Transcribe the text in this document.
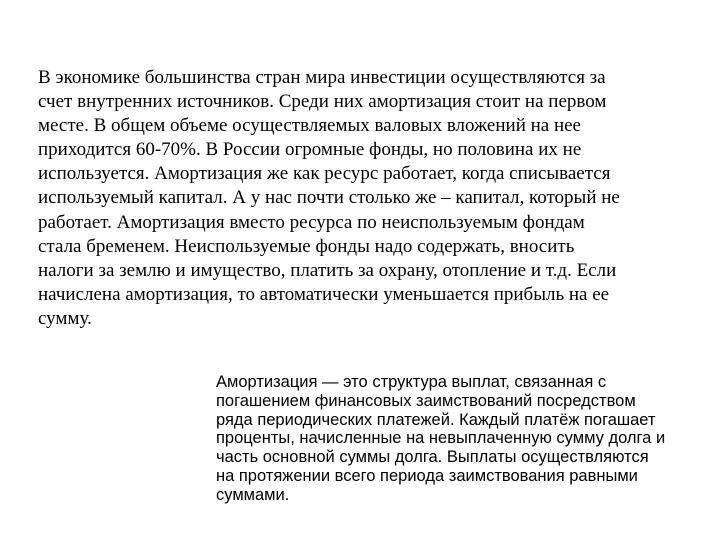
В экономике большинства стран мира инвестиции осуществляются за
счет внутренних источников. Среди них амортизация стоит на первом
месте. В общем объеме осуществляемых валовых вложений на нее
приходится 60-70%. В России огромные фонды, но половина их не
используется. Амортизация же как ресурс работает, когда списывается
используемый капитал. А у нас почти столько же – капитал, который не
работает. Амортизация вместо ресурса по неиспользуемым фондам
стала бременем. Неиспользуемые фонды надо содержать, вносить
налоги за землю и имущество, платить за охрану, отопление и т.д. Если
начислена амортизация, то автоматически уменьшается прибыль на ее
сумму.

Амортизация — это структура выплат, связанная с
погашением финансовых заимствований посредством
ряда периодических платежей. Каждый платёж погашает
проценты, начисленные на невыплаченную сумму долга и
часть основной суммы долга. Выплаты осуществляются
на протяжении всего периода заимствования равными
суммами.
